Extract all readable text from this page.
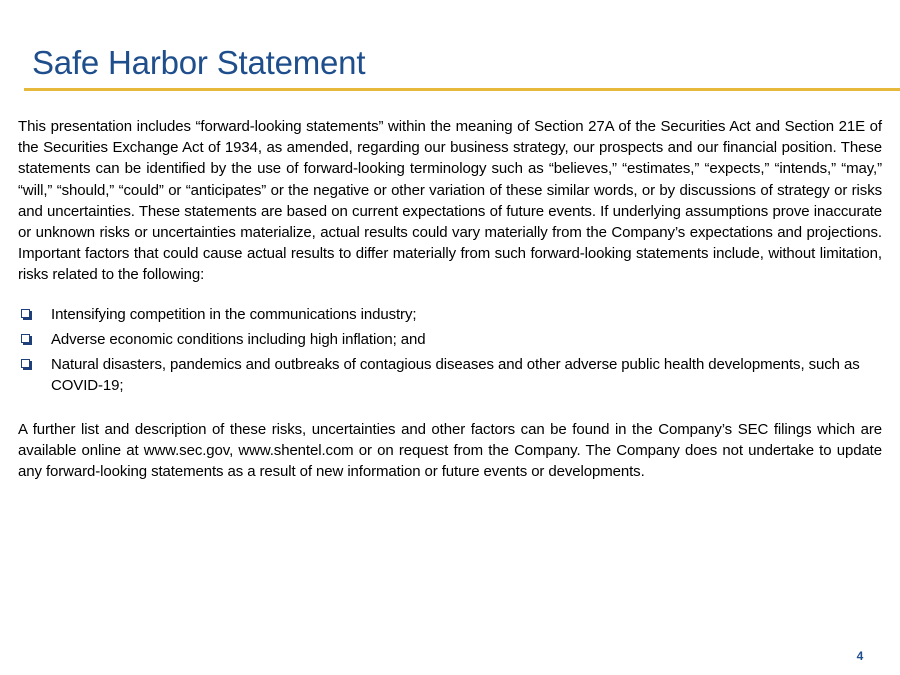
Safe Harbor Statement

This presentation includes “forward-looking statements” within the meaning of Section 27A of the Securities Act and Section 21E of the Securities Exchange Act of 1934, as amended, regarding our business strategy, our prospects and our financial position. These statements can be identified by the use of forward-looking terminology such as “believes,” “estimates,” “expects,” “intends,” “may,” “will,” “should,” “could” or “anticipates” or the negative or other variation of these similar words, or by discussions of strategy or risks and uncertainties. These statements are based on current expectations of future events. If underlying assumptions prove inaccurate or unknown risks or uncertainties materialize, actual results could vary materially from the Company’s expectations and projections. Important factors that could cause actual results to differ materially from such forward-looking statements include, without limitation, risks related to the following:

Intensifying competition in the communications industry;
Adverse economic conditions including high inflation; and
Natural disasters, pandemics and outbreaks of contagious diseases and other adverse public health developments, such as COVID-19;

A further list and description of these risks, uncertainties and other factors can be found in the Company’s SEC filings which are available online at www.sec.gov, www.shentel.com or on request from the Company. The Company does not undertake to update any forward-looking statements as a result of new information or future events or developments.

4
